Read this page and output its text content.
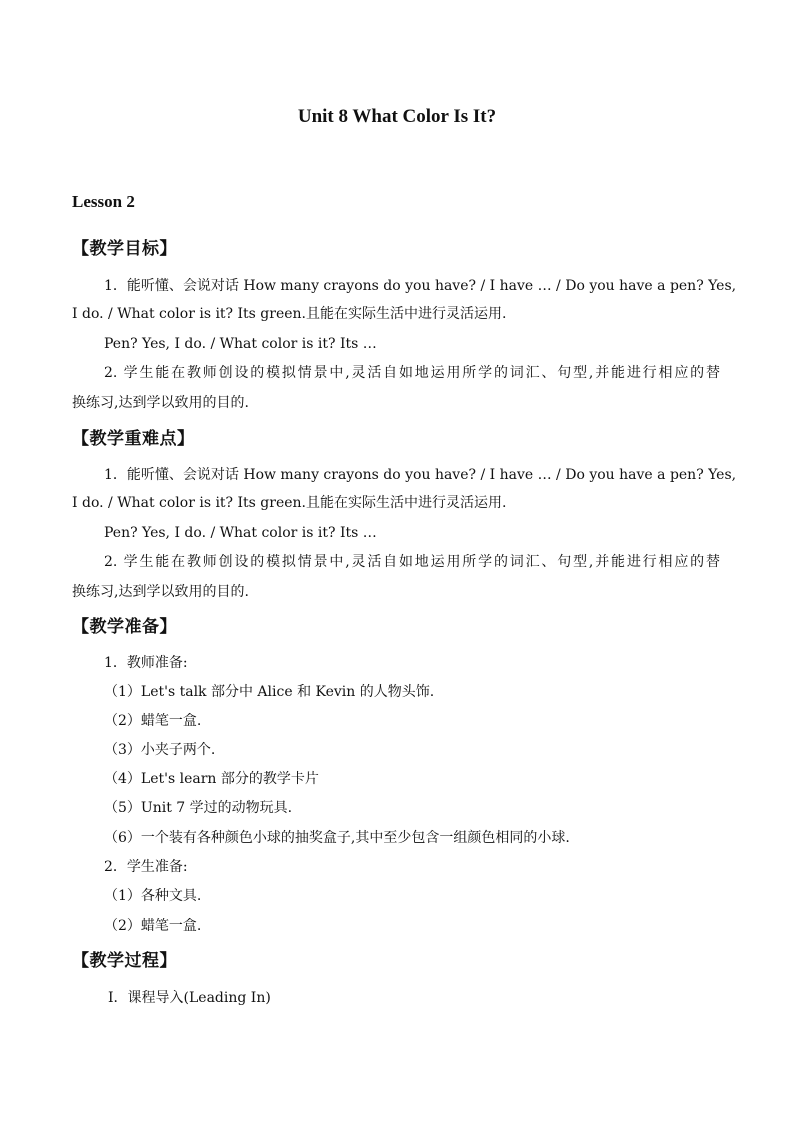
Unit 8 What Color Is It?
Lesson 2
【教学目标】
1．能听懂、会说对话 How many crayons do you have? / I have … / Do you have a pen? Yes,
I do. / What color is it? Its green.且能在实际生活中进行灵活运用.
Pen? Yes, I do. / What color is it? Its …
2. 学生能在教师创设的模拟情景中,灵活自如地运用所学的词汇、句型,并能进行相应的替
换练习,达到学以致用的目的.
【教学重难点】
1．能听懂、会说对话 How many crayons do you have? / I have … / Do you have a pen? Yes,
I do. / What color is it? Its green.且能在实际生活中进行灵活运用.
Pen? Yes, I do. / What color is it? Its …
2. 学生能在教师创设的模拟情景中,灵活自如地运用所学的词汇、句型,并能进行相应的替
换练习,达到学以致用的目的.
【教学准备】
1．教师准备:
（1）Let's talk 部分中 Alice 和 Kevin 的人物头饰.
（2）蜡笔一盒.
（3）小夹子两个.
（4）Let's learn 部分的教学卡片
（5）Unit 7 学过的动物玩具.
（6）一个装有各种颜色小球的抽奖盒子,其中至少包含一组颜色相同的小球.
2．学生准备:
（1）各种文具.
（2）蜡笔一盒.
【教学过程】
Ⅰ．课程导入(Leading In)
